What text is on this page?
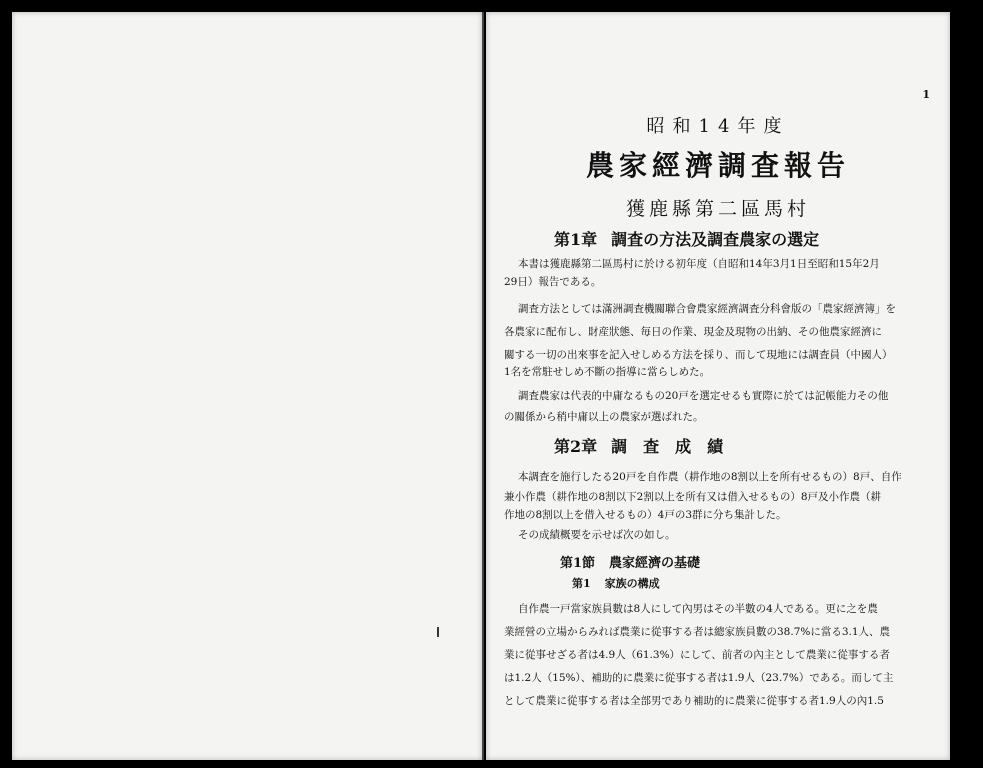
1
昭和14年度
農家經濟調査報告
獲鹿縣第二區馬村
第1章 調査の方法及調査農家の選定
本書は獲鹿縣第二區馬村に於ける初年度（自昭和14年3月1日至昭和15年2月
29日）報告である。
調査方法としては滿洲調査機關聯合會農家經濟調査分科會版の「農家經濟簿」を
各農家に配布し、財産狀態、毎日の作業、現金及現物の出納、その他農家經濟に
關する一切の出來事を記入せしめる方法を採り、而して現地には調査員（中國人）
1名を常駐せしめ不斷の指導に當らしめた。
調査農家は代表的中庸なるもの20戸を選定せるも實際に於ては記帳能力その他
の關係から稍中庸以上の農家が選ばれた。
第2章 調　査　成　績
本調査を施行したる20戸を自作農（耕作地の8割以上を所有せるもの）8戸、自作
兼小作農（耕作地の8割以下2割以上を所有又は借入せるもの）8戸及小作農（耕
作地の8割以上を借入せるもの）4戸の3群に分ち集計した。
その成績概要を示せば次の如し。
第1節 農家經濟の基礎
第1 家族の構成
自作農一戸當家族員數は8人にして內男はその半數の4人である。更に之を農
業經營の立場からみれば農業に從事する者は總家族員數の38.7%に當る3.1人、農
業に從事せざる者は4.9人（61.3%）にして、前者の內主として農業に從事する者
は1.2人（15%）、補助的に農業に從事する者は1.9人（23.7%）である。而して主
として農業に從事する者は全部男であり補助的に農業に從事する者1.9人の內1.5
